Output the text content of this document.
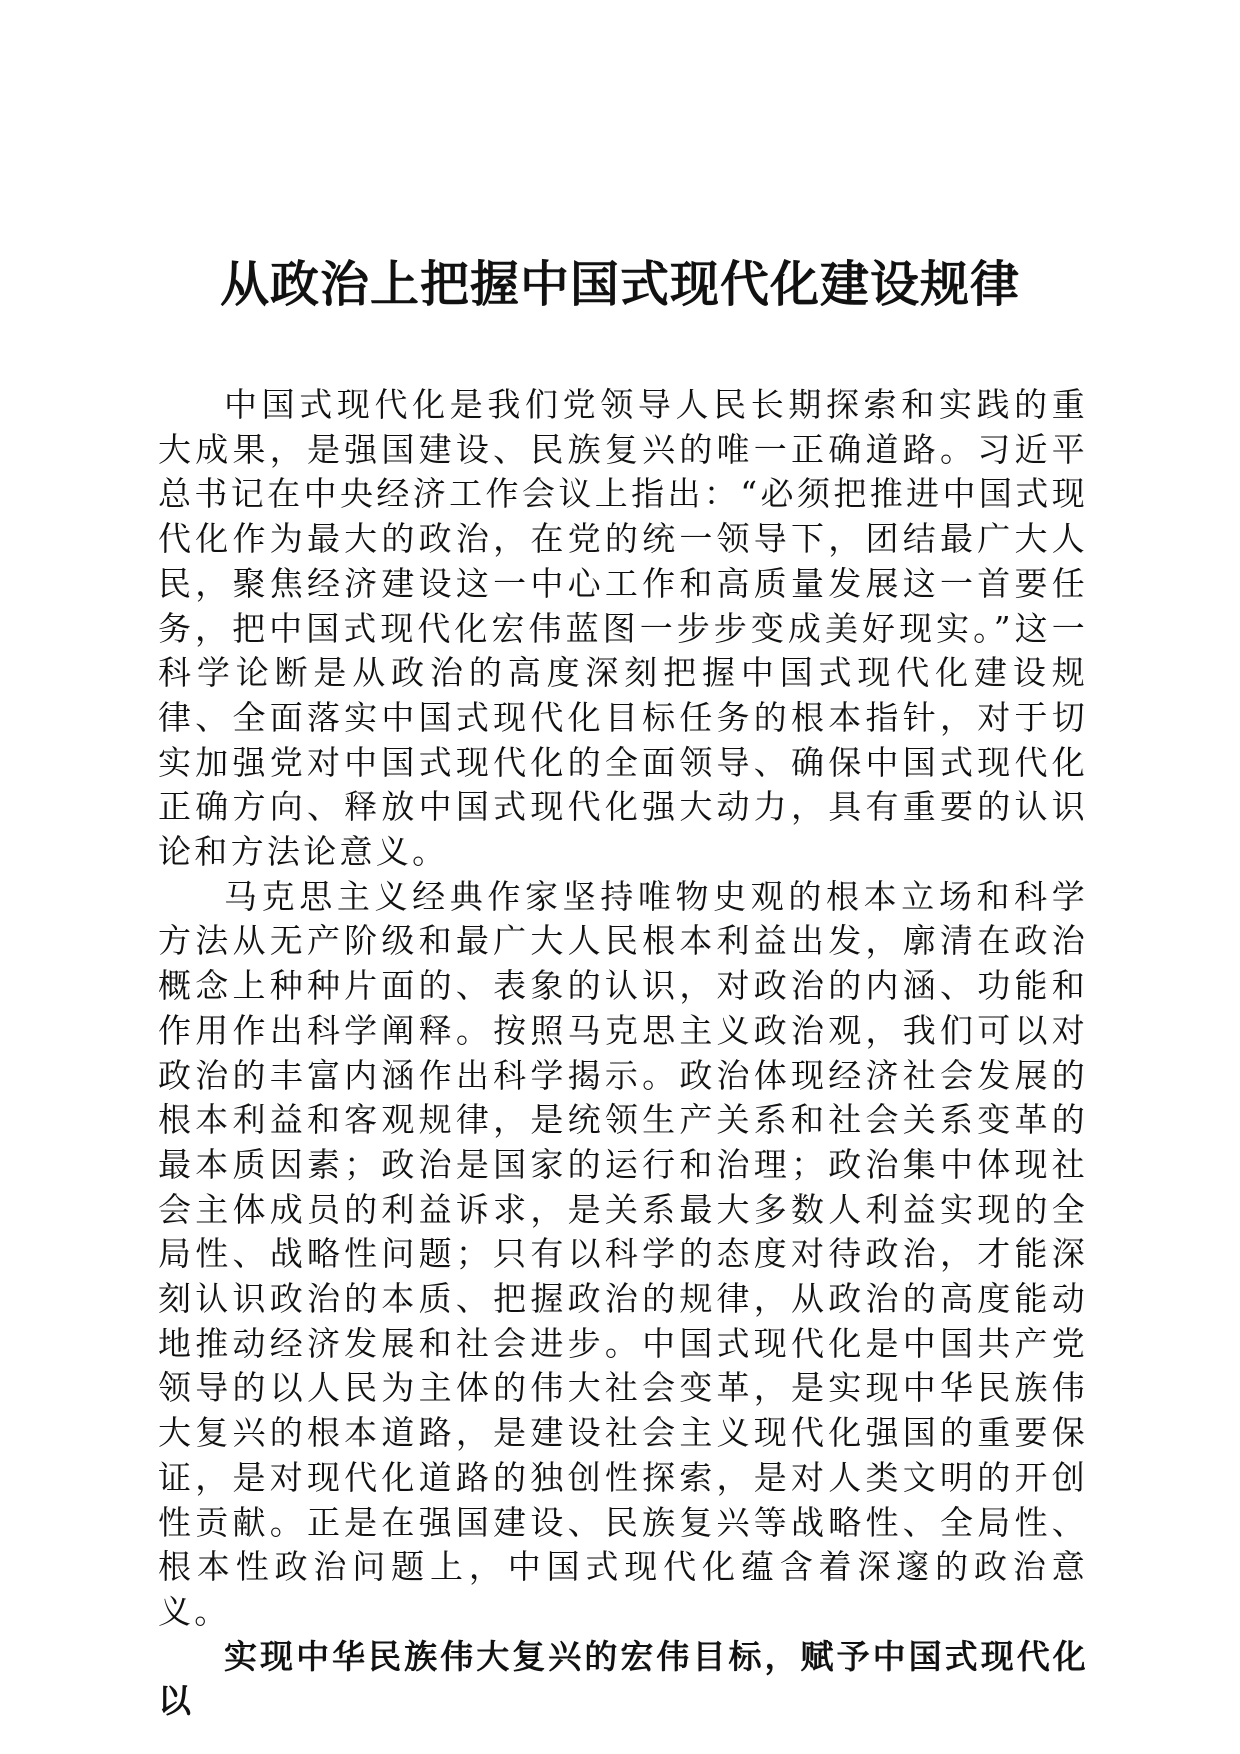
从政治上把握中国式现代化建设规律

中国式现代化是我们党领导人民长期探索和实践的重大成果，是强国建设、民族复兴的唯一正确道路。习近平总书记在中央经济工作会议上指出：“必须把推进中国式现代化作为最大的政治，在党的统一领导下，团结最广大人民，聚焦经济建设这一中心工作和高质量发展这一首要任务，把中国式现代化宏伟蓝图一步步变成美好现实。”这一科学论断是从政治的高度深刻把握中国式现代化建设规律、全面落实中国式现代化目标任务的根本指针，对于切实加强党对中国式现代化的全面领导、确保中国式现代化正确方向、释放中国式现代化强大动力，具有重要的认识论和方法论意义。

马克思主义经典作家坚持唯物史观的根本立场和科学方法从无产阶级和最广大人民根本利益出发，廓清在政治概念上种种片面的、表象的认识，对政治的内涵、功能和作用作出科学阐释。按照马克思主义政治观，我们可以对政治的丰富内涵作出科学揭示。政治体现经济社会发展的根本利益和客观规律，是统领生产关系和社会关系变革的最本质因素；政治是国家的运行和治理；政治集中体现社会主体成员的利益诉求，是关系最大多数人利益实现的全局性、战略性问题；只有以科学的态度对待政治，才能深刻认识政治的本质、把握政治的规律，从政治的高度能动地推动经济发展和社会进步。中国式现代化是中国共产党领导的以人民为主体的伟大社会变革，是实现中华民族伟大复兴的根本道路，是建设社会主义现代化强国的重要保证，是对现代化道路的独创性探索，是对人类文明的开创性贡献。正是在强国建设、民族复兴等战略性、全局性、根本性政治问题上，中国式现代化蕴含着深邃的政治意义。

实现中华民族伟大复兴的宏伟目标，赋予中国式现代化以
